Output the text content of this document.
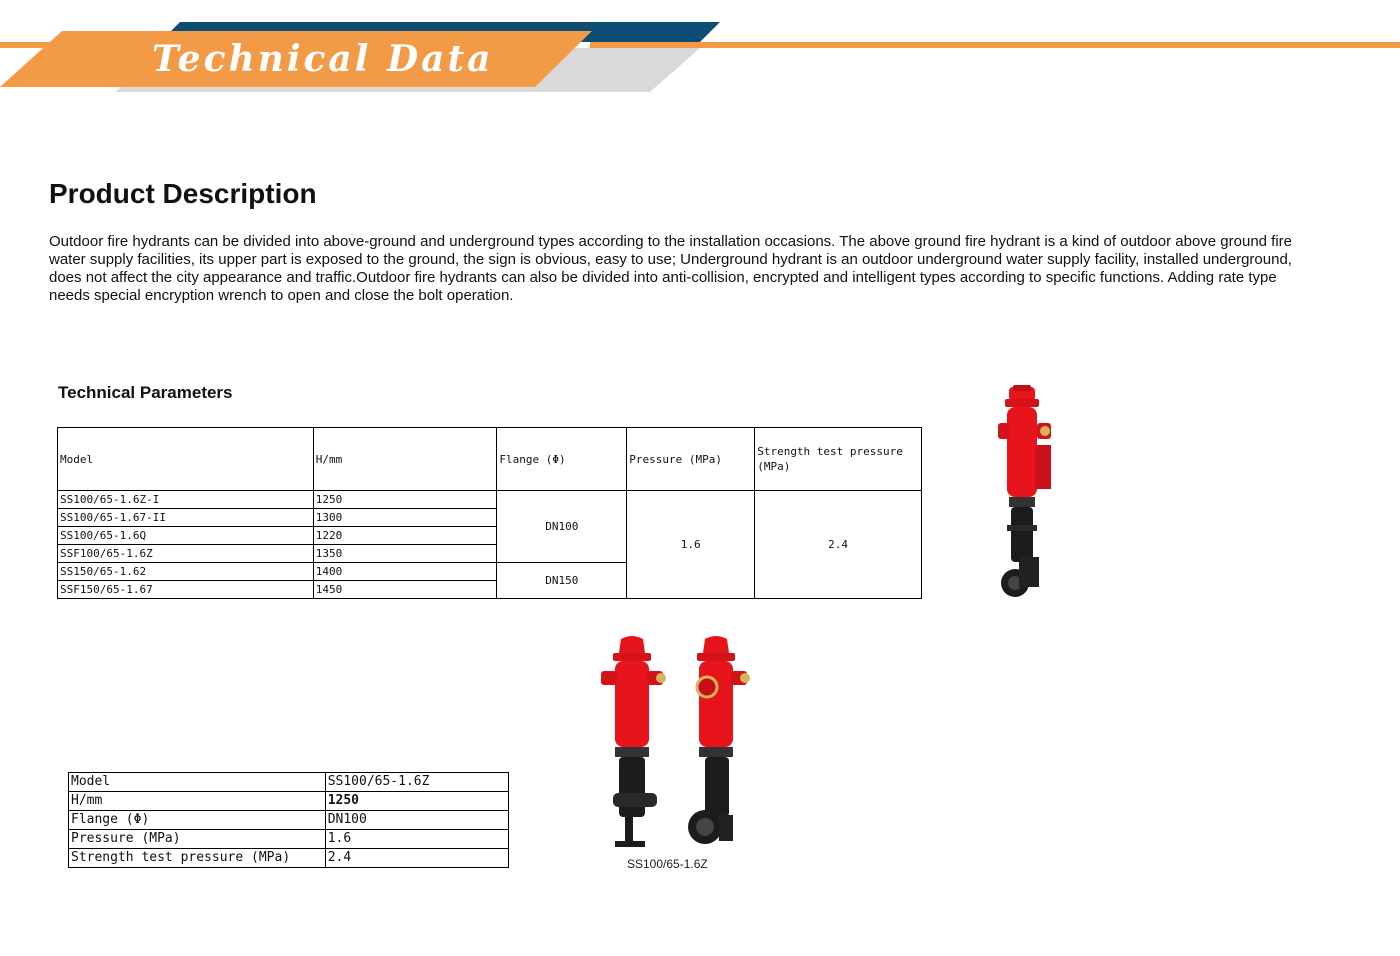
Technical Data
Product Description

Outdoor fire hydrants can be divided into above-ground and underground types according to the installation occasions. The above ground fire hydrant is a kind of outdoor above ground fire water supply facilities, its upper part is exposed to the ground, the sign is obvious, easy to use; Underground hydrant is an outdoor underground water supply facility, installed underground, does not affect the city appearance and traffic.Outdoor fire hydrants can also be divided into anti-collision, encrypted and intelligent types according to specific functions. Adding rate type needs special encryption wrench to open and close the bolt operation.

Technical Parameters
Model	H/mm	Flange (Φ)	Pressure (MPa)	Strength test pressure (MPa)
SS100/65-1.6Z-I	1250	DN100	1.6	2.4
SS100/65-1.67-II	1300			
SS100/65-1.6Q	1220			
SSF100/65-1.6Z	1350			
SS150/65-1.62	1400	DN150		
SSF150/65-1.67	1450			
Model	SS100/65-1.6Z
H/mm	1250
Flange (Φ)	DN100
Pressure (MPa)	1.6
Strength test pressure (MPa)	2.4	SS100/65-1.6Z
